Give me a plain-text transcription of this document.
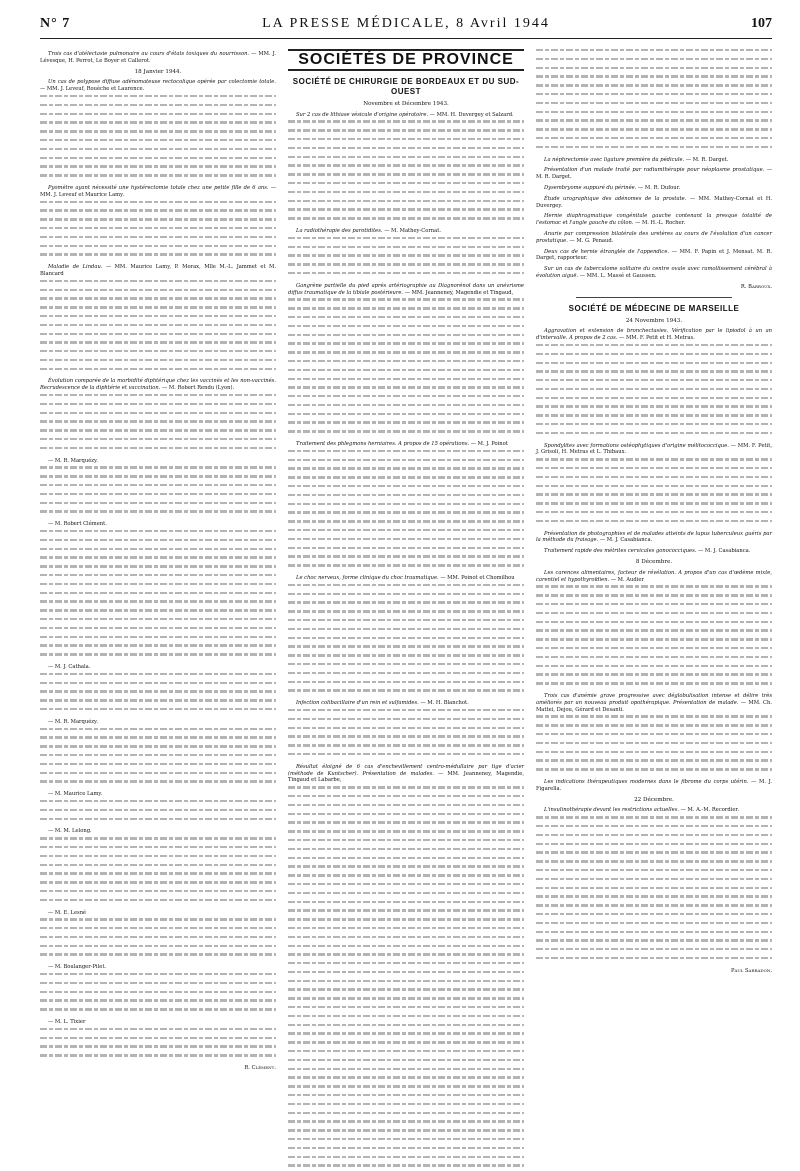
N° 7	LA PRESSE MÉDICALE, 8 Avril 1944	107

Trois cas d'atélectasie pulmonaire au cours d'états toxiques du nourrisson. — MM. J. Lévesque, H. Perrot, Le Boyer et Callerot.

18 Janvier 1944.

Un cas de polypose diffuse adénomateuse rectocolique opérée par colectomie totale. — MM. J. Leveuf, Rouèche et Laurence.

Pyomètre ayant nécessité une hystérectomie totale chez une petite fille de 6 ans. — MM. J. Leveuf et Maurice Lamy.

Maladie de Lindau. — MM. Maurice Lamy, P. Morax, Mlle M.-L. Jammet et M. Blancard

Évolution comparée de la morbidité diphtérique chez les vaccinés et les non-vaccinés. Recrudescence de la diphtérie et vaccination. — M. Robert Rendu (Lyon).

— M. R. Marquézy.

— M. Robert Clément.

— M. J. Cathala.

— M. R. Marquézy.

— M. Maurice Lamy.

— M. M. Lelong.

— M. E. Lesné

— M. Boulanger-Pilet.

— M. L. Tixier

R. Clément.

SOCIÉTÉS DE PROVINCE
SOCIÉTÉ DE CHIRURGIE DE BORDEAUX ET DU SUD-OUEST

Novembre et Décembre 1943.

Sur 2 cas de lithiase vésicale d'origine opératoire. — MM. H. Duvergey et Salzard.

La radiothérapie des parotidites. — M. Mathey-Cornat.

Gangrène partielle du pied après artériographie au Diagnorénol dans un anévrisme diffus traumatique de la tibiale postérieure. — MM. Jeanneney, Magendie et Tingaud,

Traitement des phlegmons herniaires. A propos de 15 opérations. — M. J. Poinot

Le choc nerveux, forme clinique du choc traumatique. — MM. Poinot et Chomilhou

Infection colibacillaire d'un rein et sulfamides. — M. H. Blanchot.

Résultat éloigné de 6 cas d'enchevillement centro-médullaire par tige d'acier (méthode de Kuntscher). Présentation de malades. — MM. Jeanneney, Magendie, Tingaud et Labarbe,

La néphrectomie avec ligature première du pédicule. — M. R. Darget.

Présentation d'un malade traité par radiumthérapie pour néoplasme prostatique. — M. R. Darget.

Dysembryome suppuré du périnée. — M. R. Dufour.

Étude urographique des adénomes de la prostate. — MM. Mathey-Cornat et H. Duvergey.

Hernie diaphragmatique congénitale gauche contenant la presque totalité de l'estomac et l'angle gauche du côlon. — M. H.-L. Rocher.

Anurie par compression bilatérale des uretères au cours de l'évolution d'un cancer prostatique. — M. G. Penaud.

Deux cas de hernie étranglée de l'appendice. — MM. F. Papin et J. Mensat. M. R. Darget, rapporteur.

Sur un cas de tuberculome solitaire du centre ovale avec ramollissement cérébral à évolution aiguë. — MM. L. Massé et Gaussen.

R. Barroux.

SOCIÉTÉ DE MÉDECINE DE MARSEILLE

24 Novembre 1943.

Aggravation et extension de bronchectasies. Vérification par le lipiodol à un an d'intervalle. A propos de 2 cas. — MM. F. Petit et H. Metras.

Spondylites avec formations ostéophytiques d'origine mélitococcique. — MM. F. Petit, J. Grisoli, H. Metras et L. Thibaux.

Présentation de photographies et de malades atteints de lupus tuberculeux guéris par la méthode du fraisage. — M. J. Casabianca.

Traitement rapide des métrites cervicales gonococciques. — M. J. Casabianca.

8 Décembre.

Les carences alimentaires, facteur de révélation. A propos d'un cas d'œdème mixte, carentiel et hypothyroïdien. — M. Audier

Trois cas d'anémie grave progressive avec déglobulisation intense et délire très améliorés par un nouveau produit opothérapique. Présentation de malade. — MM. Ch. Mattei, Dejou, Gérard et Desanti.

Les indications thérapeutiques modernes dans le fibrome du corps utérin. — M. J. Figarella.

22 Décembre.

L'insulinothérapie devant les restrictions actuelles. — M. A.-M. Recordier.

Paul Sarradon.
